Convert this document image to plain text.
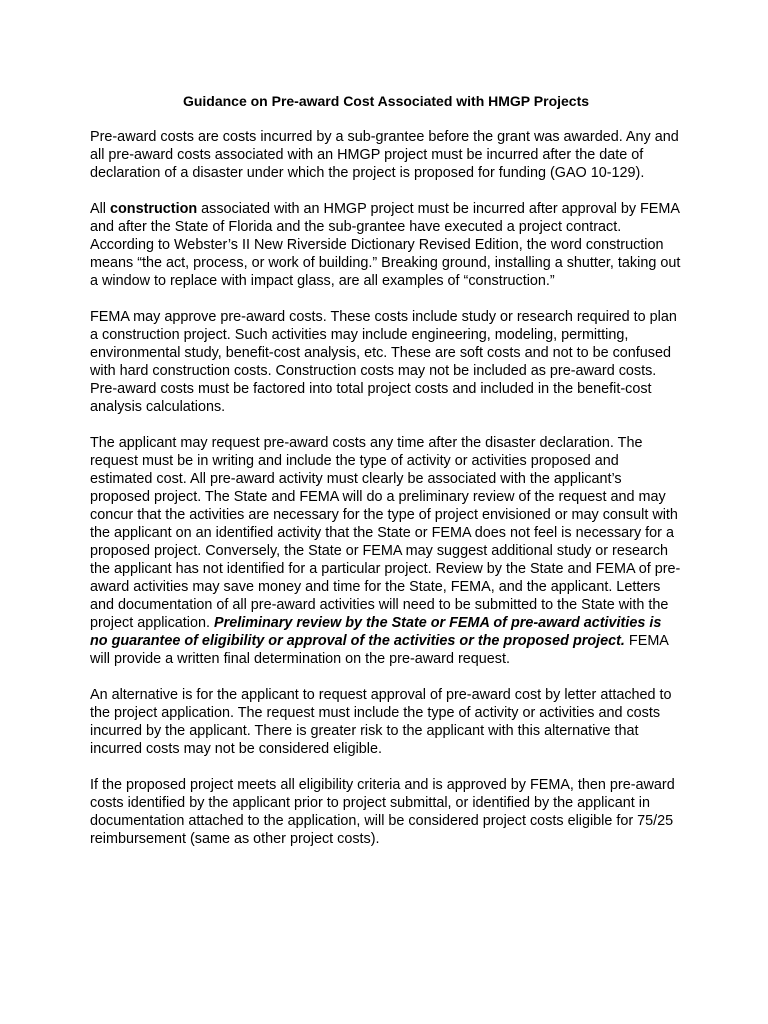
Guidance on Pre-award Cost Associated with HMGP Projects

Pre-award costs are costs incurred by a sub-grantee before the grant was awarded. Any and all pre-award costs associated with an HMGP project must be incurred after the date of declaration of a disaster under which the project is proposed for funding (GAO 10-129).

All construction associated with an HMGP project must be incurred after approval by FEMA and after the State of Florida and the sub-grantee have executed a project contract. According to Webster’s II New Riverside Dictionary Revised Edition, the word construction means “the act, process, or work of building.” Breaking ground, installing a shutter, taking out a window to replace with impact glass, are all examples of “construction.”

FEMA may approve pre-award costs. These costs include study or research required to plan a construction project. Such activities may include engineering, modeling, permitting, environmental study, benefit-cost analysis, etc. These are soft costs and not to be confused with hard construction costs. Construction costs may not be included as pre-award costs. Pre-award costs must be factored into total project costs and included in the benefit-cost analysis calculations.

The applicant may request pre-award costs any time after the disaster declaration. The request must be in writing and include the type of activity or activities proposed and estimated cost. All pre-award activity must clearly be associated with the applicant’s proposed project. The State and FEMA will do a preliminary review of the request and may concur that the activities are necessary for the type of project envisioned or may consult with the applicant on an identified activity that the State or FEMA does not feel is necessary for a proposed project. Conversely, the State or FEMA may suggest additional study or research the applicant has not identified for a particular project. Review by the State and FEMA of pre-award activities may save money and time for the State, FEMA, and the applicant. Letters and documentation of all pre-award activities will need to be submitted to the State with the project application. Preliminary review by the State or FEMA of pre-award activities is no guarantee of eligibility or approval of the activities or the proposed project. FEMA will provide a written final determination on the pre-award request.

An alternative is for the applicant to request approval of pre-award cost by letter attached to the project application. The request must include the type of activity or activities and costs incurred by the applicant. There is greater risk to the applicant with this alternative that incurred costs may not be considered eligible.

If the proposed project meets all eligibility criteria and is approved by FEMA, then pre-award costs identified by the applicant prior to project submittal, or identified by the applicant in documentation attached to the application, will be considered project costs eligible for 75/25 reimbursement (same as other project costs).
